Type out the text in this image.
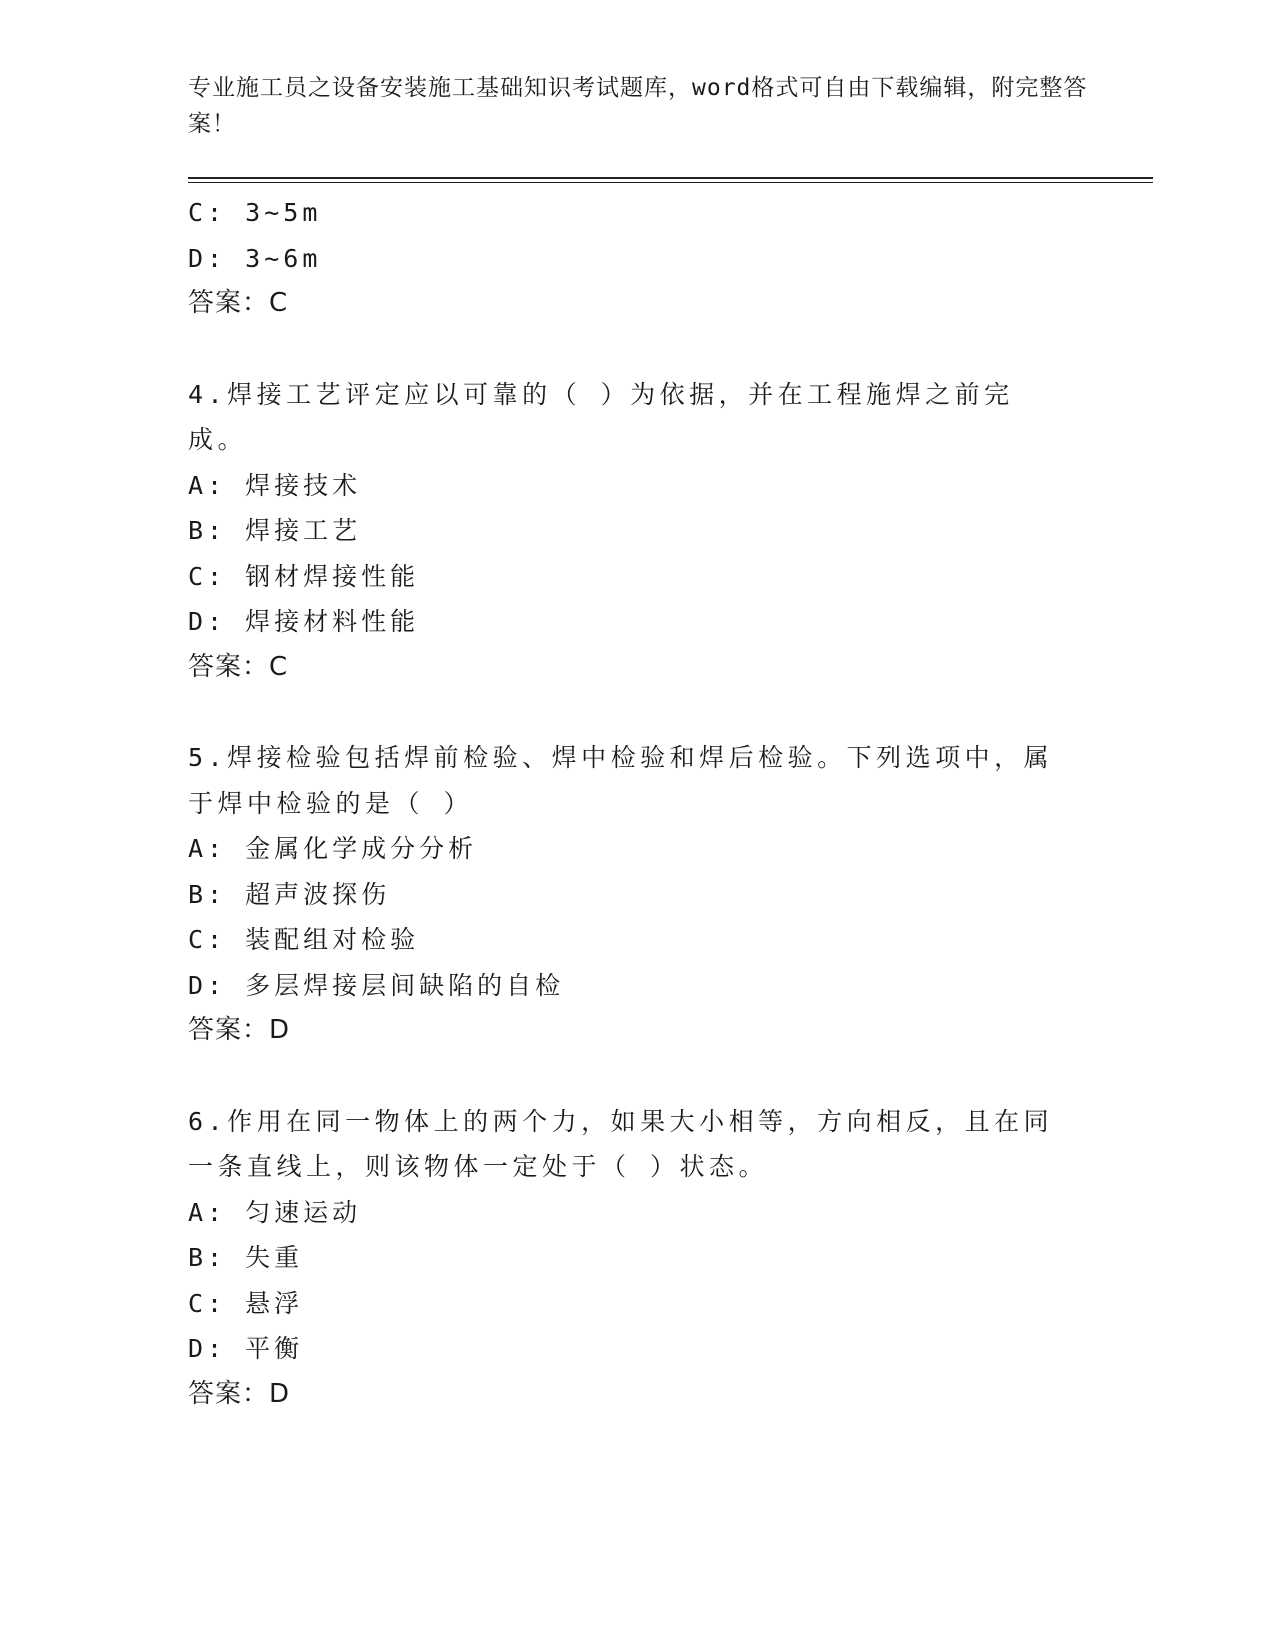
专业施工员之设备安装施工基础知识考试题库，word格式可自由下载编辑，附完整答案！
C: 3~5m
D: 3~6m
答案：C
4.焊接工艺评定应以可靠的（ ）为依据，并在工程施焊之前完成。
A: 焊接技术
B: 焊接工艺
C: 钢材焊接性能
D: 焊接材料性能
答案：C
5.焊接检验包括焊前检验、焊中检验和焊后检验。下列选项中，属于焊中检验的是（ ）
A: 金属化学成分分析
B: 超声波探伤
C: 装配组对检验
D: 多层焊接层间缺陷的自检
答案：D
6.作用在同一物体上的两个力，如果大小相等，方向相反，且在同一条直线上，则该物体一定处于（ ）状态。
A: 匀速运动
B: 失重
C: 悬浮
D: 平衡
答案：D
